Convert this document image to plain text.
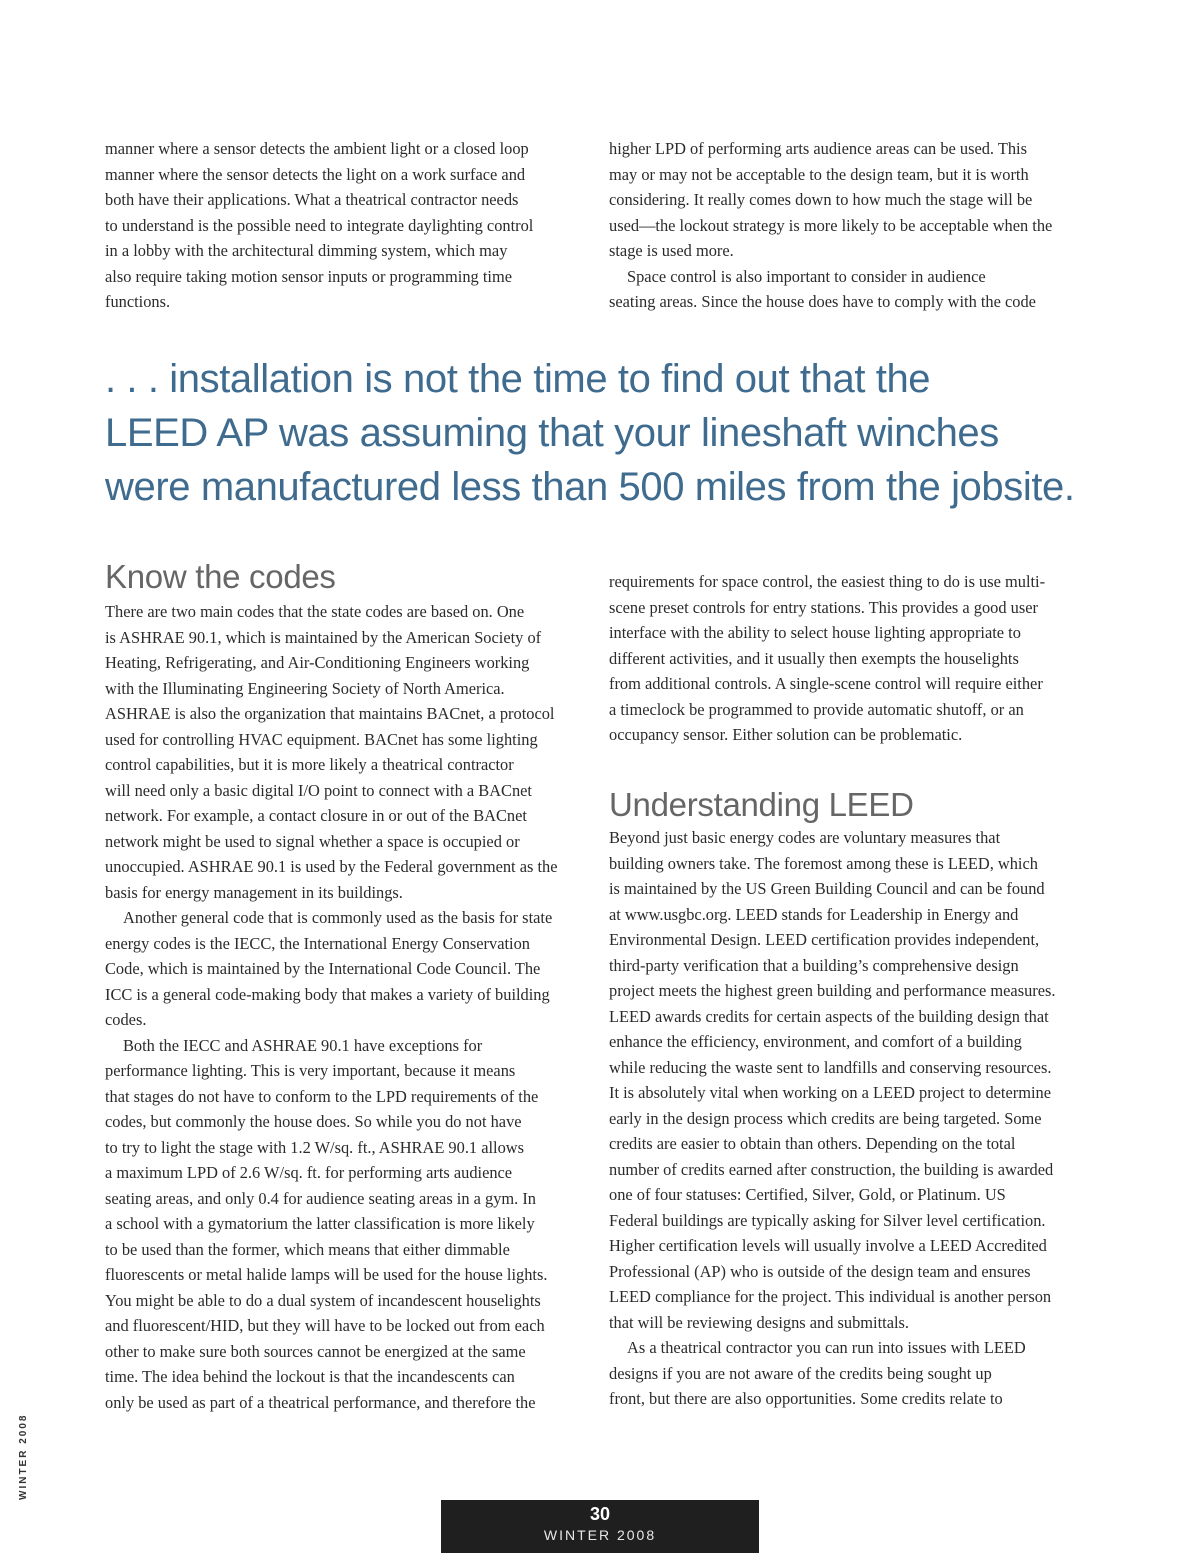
manner where a sensor detects the ambient light or a closed loop
manner where the sensor detects the light on a work surface and
both have their applications. What a theatrical contractor needs
to understand is the possible need to integrate daylighting control
in a lobby with the architectural dimming system, which may
also require taking motion sensor inputs or programming time
functions.
higher LPD of performing arts audience areas can be used. This
may or may not be acceptable to the design team, but it is worth
considering. It really comes down to how much the stage will be
used—the lockout strategy is more likely to be acceptable when the
stage is used more.
Space control is also important to consider in audience
seating areas. Since the house does have to comply with the code
. . . installation is not the time to find out that the
LEED AP was assuming that your lineshaft winches
were manufactured less than 500 miles from the jobsite.
Know the codes
There are two main codes that the state codes are based on. One
is ASHRAE 90.1, which is maintained by the American Society of
Heating, Refrigerating, and Air-Conditioning Engineers working
with the Illuminating Engineering Society of North America.
ASHRAE is also the organization that maintains BACnet, a protocol
used for controlling HVAC equipment. BACnet has some lighting
control capabilities, but it is more likely a theatrical contractor
will need only a basic digital I/O point to connect with a BACnet
network. For example, a contact closure in or out of the BACnet
network might be used to signal whether a space is occupied or
unoccupied. ASHRAE 90.1 is used by the Federal government as the
basis for energy management in its buildings.
Another general code that is commonly used as the basis for state
energy codes is the IECC, the International Energy Conservation
Code, which is maintained by the International Code Council. The
ICC is a general code-making body that makes a variety of building
codes.
Both the IECC and ASHRAE 90.1 have exceptions for
performance lighting. This is very important, because it means
that stages do not have to conform to the LPD requirements of the
codes, but commonly the house does. So while you do not have
to try to light the stage with 1.2 W/sq. ft., ASHRAE 90.1 allows
a maximum LPD of 2.6 W/sq. ft. for performing arts audience
seating areas, and only 0.4 for audience seating areas in a gym. In
a school with a gymatorium the latter classification is more likely
to be used than the former, which means that either dimmable
fluorescents or metal halide lamps will be used for the house lights.
You might be able to do a dual system of incandescent houselights
and fluorescent/HID, but they will have to be locked out from each
other to make sure both sources cannot be energized at the same
time. The idea behind the lockout is that the incandescents can
only be used as part of a theatrical performance, and therefore the
requirements for space control, the easiest thing to do is use multi-
scene preset controls for entry stations. This provides a good user
interface with the ability to select house lighting appropriate to
different activities, and it usually then exempts the houselights
from additional controls. A single-scene control will require either
a timeclock be programmed to provide automatic shutoff, or an
occupancy sensor. Either solution can be problematic.
Understanding LEED
Beyond just basic energy codes are voluntary measures that
building owners take. The foremost among these is LEED, which
is maintained by the US Green Building Council and can be found
at www.usgbc.org. LEED stands for Leadership in Energy and
Environmental Design. LEED certification provides independent,
third-party verification that a building’s comprehensive design
project meets the highest green building and performance measures.
LEED awards credits for certain aspects of the building design that
enhance the efficiency, environment, and comfort of a building
while reducing the waste sent to landfills and conserving resources.
It is absolutely vital when working on a LEED project to determine
early in the design process which credits are being targeted. Some
credits are easier to obtain than others. Depending on the total
number of credits earned after construction, the building is awarded
one of four statuses: Certified, Silver, Gold, or Platinum. US
Federal buildings are typically asking for Silver level certification.
Higher certification levels will usually involve a LEED Accredited
Professional (AP) who is outside of the design team and ensures
LEED compliance for the project. This individual is another person
that will be reviewing designs and submittals.
As a theatrical contractor you can run into issues with LEED
designs if you are not aware of the credits being sought up
front, but there are also opportunities. Some credits relate to
WINTER 2008
30
WINTER 2008
